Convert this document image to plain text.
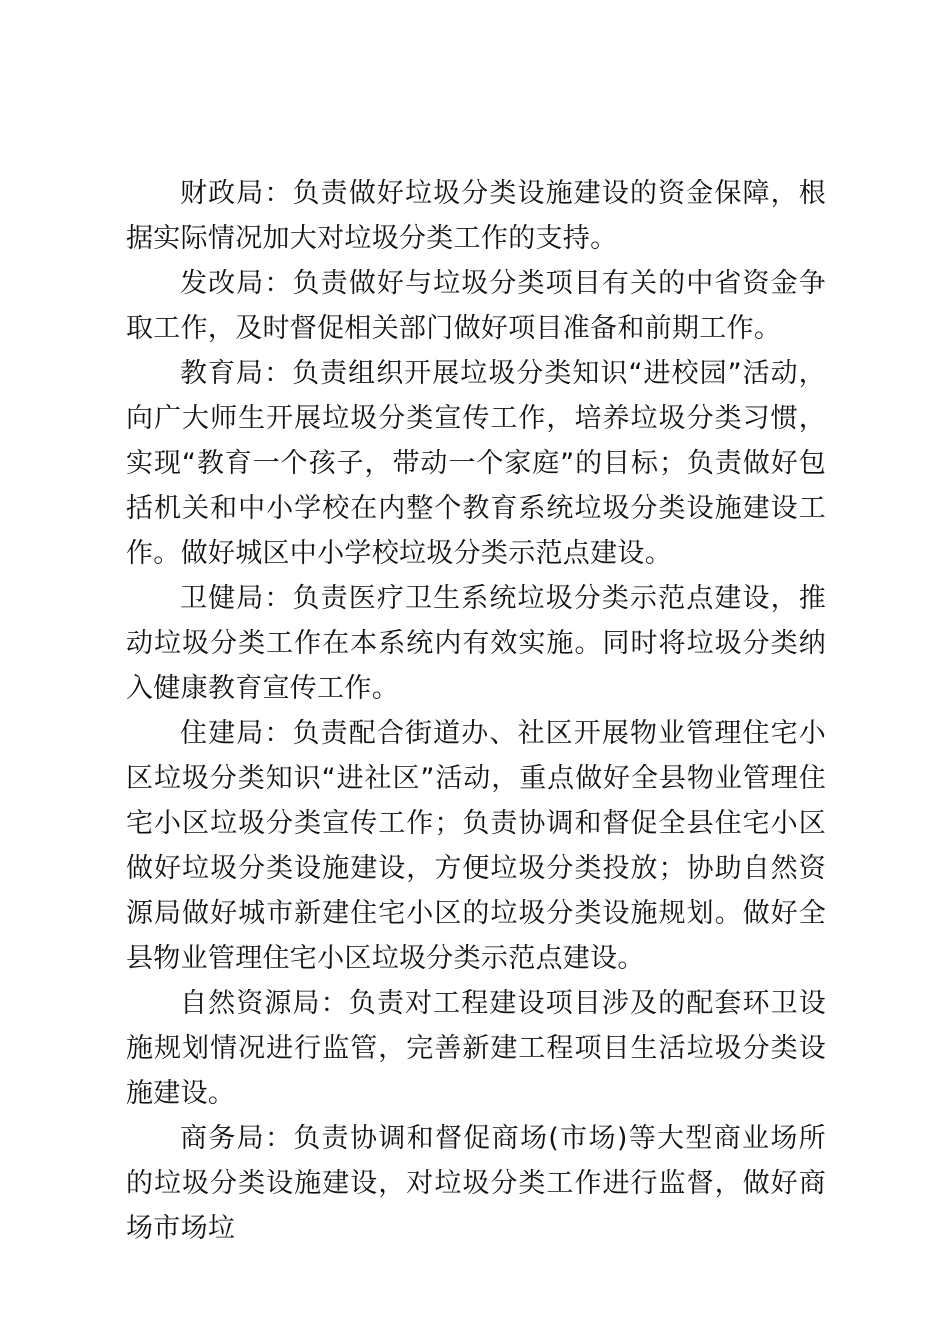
财政局：负责做好垃圾分类设施建设的资金保障，根据实际情况加大对垃圾分类工作的支持。

发改局：负责做好与垃圾分类项目有关的中省资金争取工作，及时督促相关部门做好项目准备和前期工作。

教育局：负责组织开展垃圾分类知识“进校园”活动，向广大师生开展垃圾分类宣传工作，培养垃圾分类习惯，实现“教育一个孩子，带动一个家庭”的目标；负责做好包括机关和中小学校在内整个教育系统垃圾分类设施建设工作。做好城区中小学校垃圾分类示范点建设。

卫健局：负责医疗卫生系统垃圾分类示范点建设，推动垃圾分类工作在本系统内有效实施。同时将垃圾分类纳入健康教育宣传工作。

住建局：负责配合街道办、社区开展物业管理住宅小区垃圾分类知识“进社区”活动，重点做好全县物业管理住宅小区垃圾分类宣传工作；负责协调和督促全县住宅小区做好垃圾分类设施建设，方便垃圾分类投放；协助自然资源局做好城市新建住宅小区的垃圾分类设施规划。做好全县物业管理住宅小区垃圾分类示范点建设。

自然资源局：负责对工程建设项目涉及的配套环卫设施规划情况进行监管，完善新建工程项目生活垃圾分类设施建设。

商务局：负责协调和督促商场(市场)等大型商业场所的垃圾分类设施建设，对垃圾分类工作进行监督，做好商场市场垃
